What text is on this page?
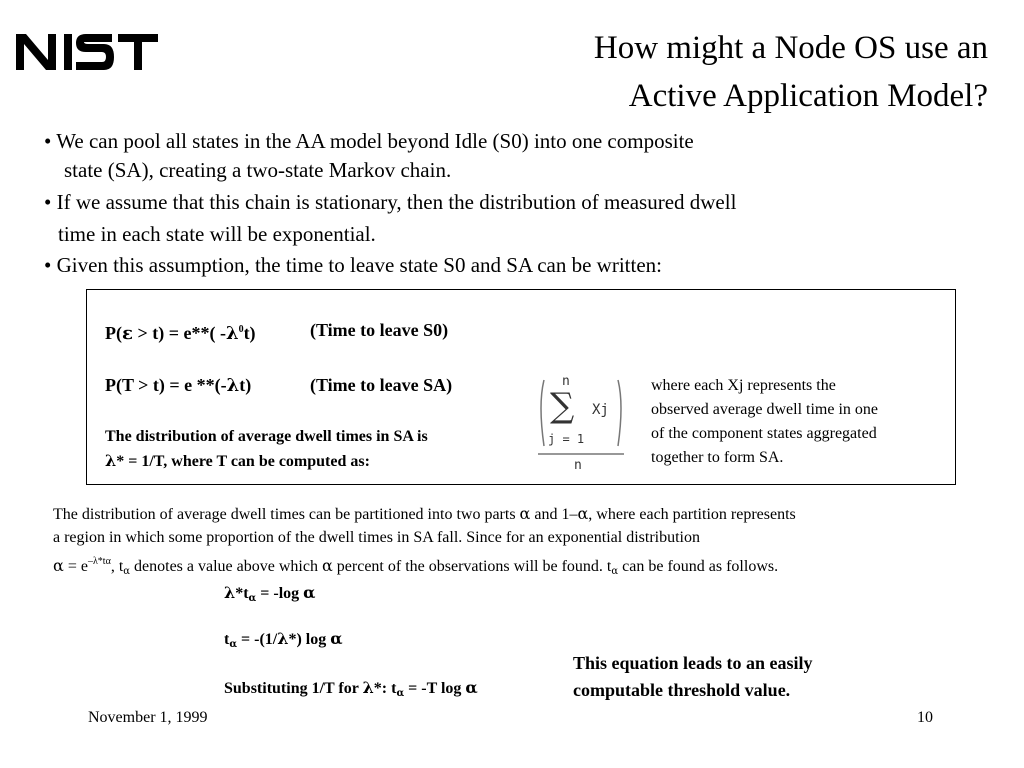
How might a Node OS use an
Active Application Model?
• We can pool all states in the AA model beyond Idle (S0) into one composite
state (SA), creating a two-state Markov chain.
• If we assume that this chain is stationary, then the distribution of measured dwell
time in each state will be exponential.
• Given this assumption, the time to leave state S0 and SA can be written:
P(ε > t) = e**( $-\lambda^0t$)	(Time to leave S0)
P(T > t) = e **(-λt)	(Time to leave SA)
The distribution of average dwell times in SA is
λ* = 1/T, where T can be computed as:
n
∑ Xj
j = 1
n
where each Xj represents the
observed average dwell time in one
of the component states aggregated
together to form SA.
The distribution of average dwell times can be partitioned into two parts α and 1–α, where each partition represents
a region in which some proportion of the dwell times in SA fall. Since for an exponential distribution
$\alpha = e^{-\lambda*t\alpha}$, $t_\alpha$ denotes a value above which α percent of the observations will be found. $t_\alpha$ can be found as follows.
$\lambda*t_\alpha = -\log$ α
$t_\alpha = -(1/\lambda*)$ log α
Substituting 1/T for λ*: $t_\alpha = -T$ log α
This equation leads to an easily
computable threshold value.
November 1, 1999	10
